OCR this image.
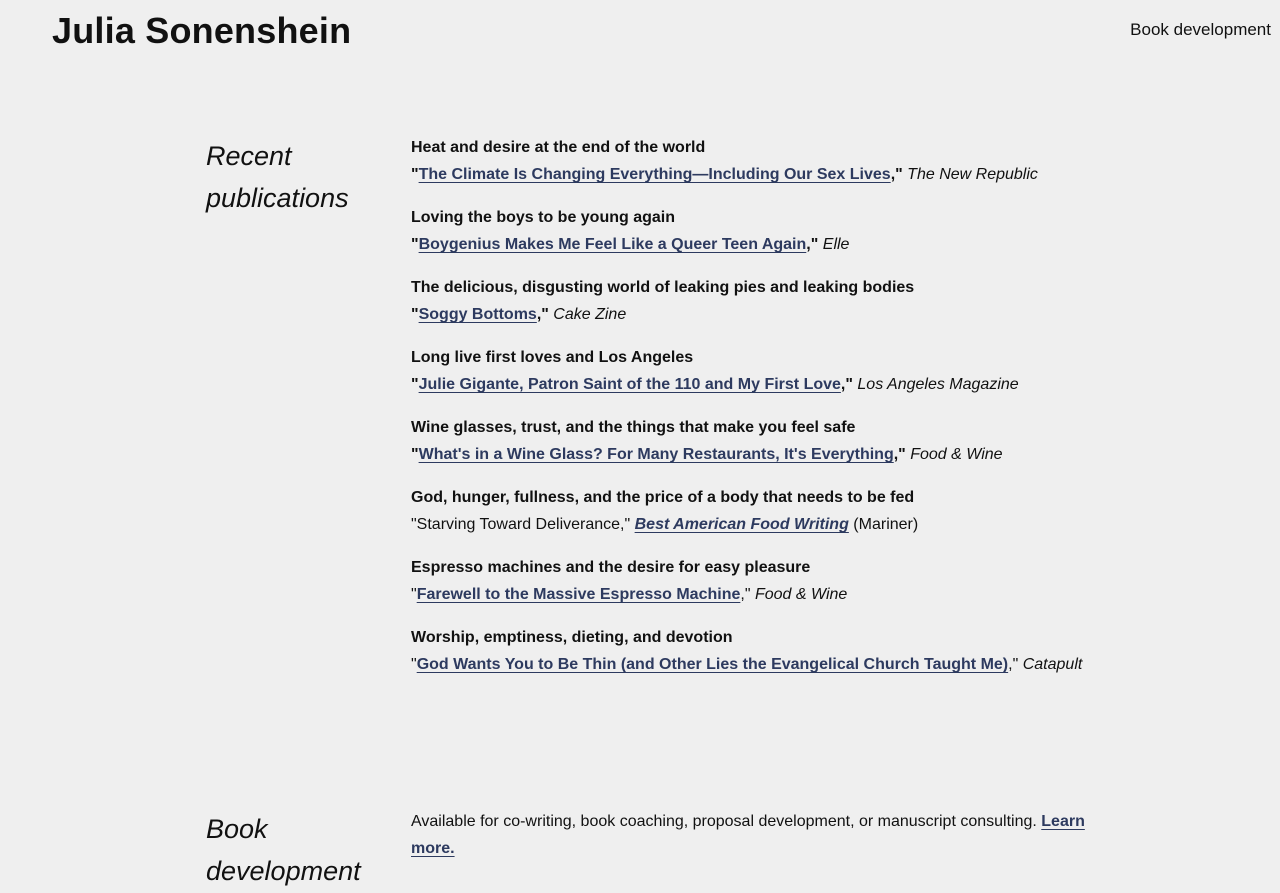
Julia Sonenshein	Book development
Recent
publications
Heat and desire at the end of the world
"The Climate Is Changing Everything—Including Our Sex Lives," The New Republic
Loving the boys to be young again
"Boygenius Makes Me Feel Like a Queer Teen Again," Elle
The delicious, disgusting world of leaking pies and leaking bodies
"Soggy Bottoms," Cake Zine
Long live first loves and Los Angeles
"Julie Gigante, Patron Saint of the 110 and My First Love," Los Angeles Magazine
Wine glasses, trust, and the things that make you feel safe
"What's in a Wine Glass? For Many Restaurants, It's Everything," Food & Wine
God, hunger, fullness, and the price of a body that needs to be fed
"Starving Toward Deliverance," Best American Food Writing (Mariner)
Espresso machines and the desire for easy pleasure
"Farewell to the Massive Espresso Machine," Food & Wine
Worship, emptiness, dieting, and devotion
"God Wants You to Be Thin (and Other Lies the Evangelical Church Taught Me)," Catapult
Book
development
Available for co-writing, book coaching, proposal development, or manuscript consulting. Learn more.
